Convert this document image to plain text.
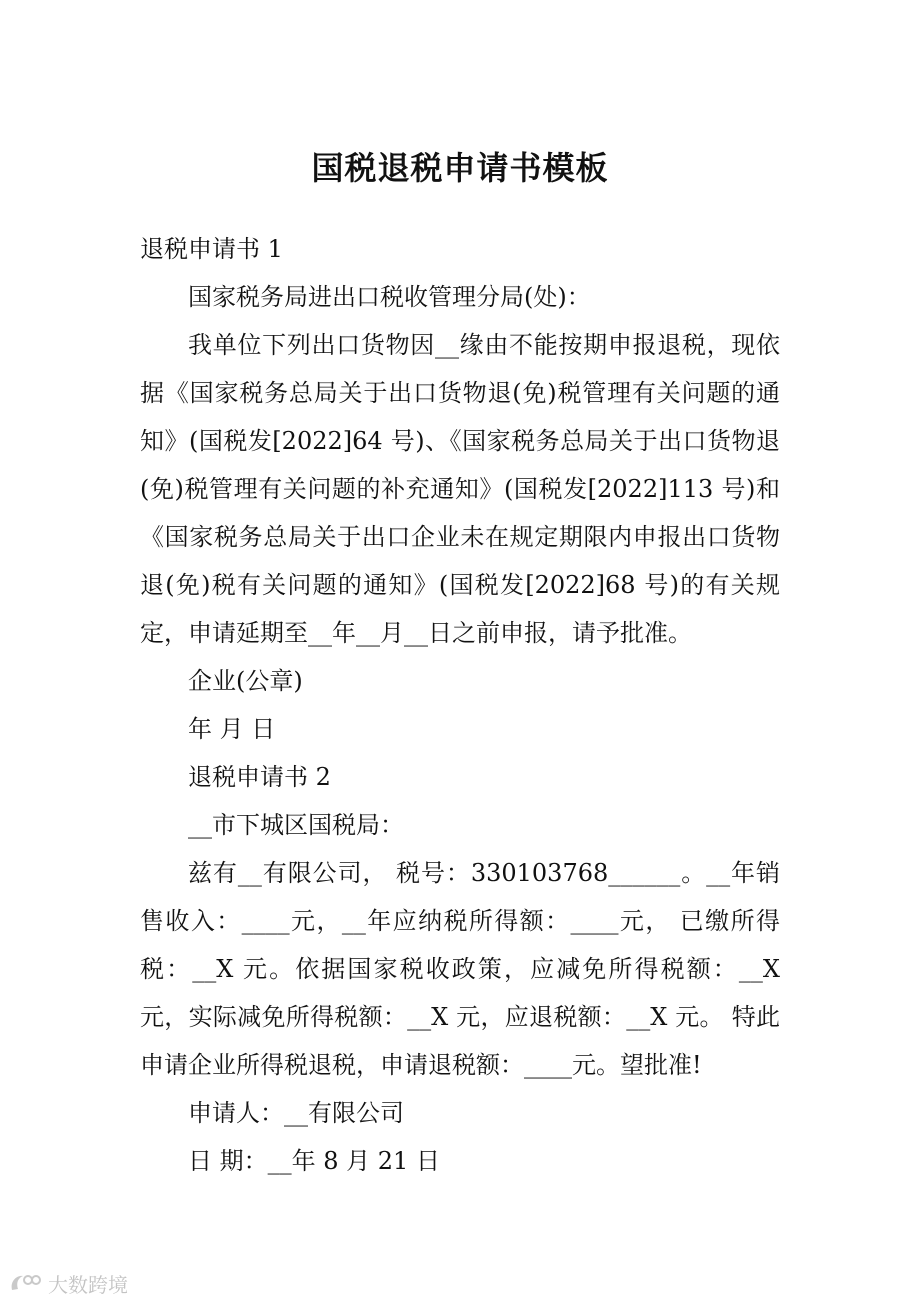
国税退税申请书模板

退税申请书 1

国家税务局进出口税收管理分局(处)：

我单位下列出口货物因__缘由不能按期申报退税，现依据《国家税务总局关于出口货物退(免)税管理有关问题的通知》(国税发[2022]64 号)、《国家税务总局关于出口货物退(免)税管理有关问题的补充通知》(国税发[2022]113 号)和《国家税务总局关于出口企业未在规定期限内申报出口货物退(免)税有关问题的通知》(国税发[2022]68 号)的有关规定，申请延期至__年__月__日之前申报，请予批准。

企业(公章)

年 月 日

退税申请书 2

__市下城区国税局：

兹有__有限公司， 税号：330103768______。__年销售收入：____元，__年应纳税所得额：____元， 已缴所得税：__X 元。依据国家税收政策，应减免所得税额：__X 元，实际减免所得税额：__X 元，应退税额：__X 元。 特此申请企业所得税退税，申请退税额：____元。望批准!

申请人：__有限公司

日 期：__年 8 月 21 日

大数跨境
